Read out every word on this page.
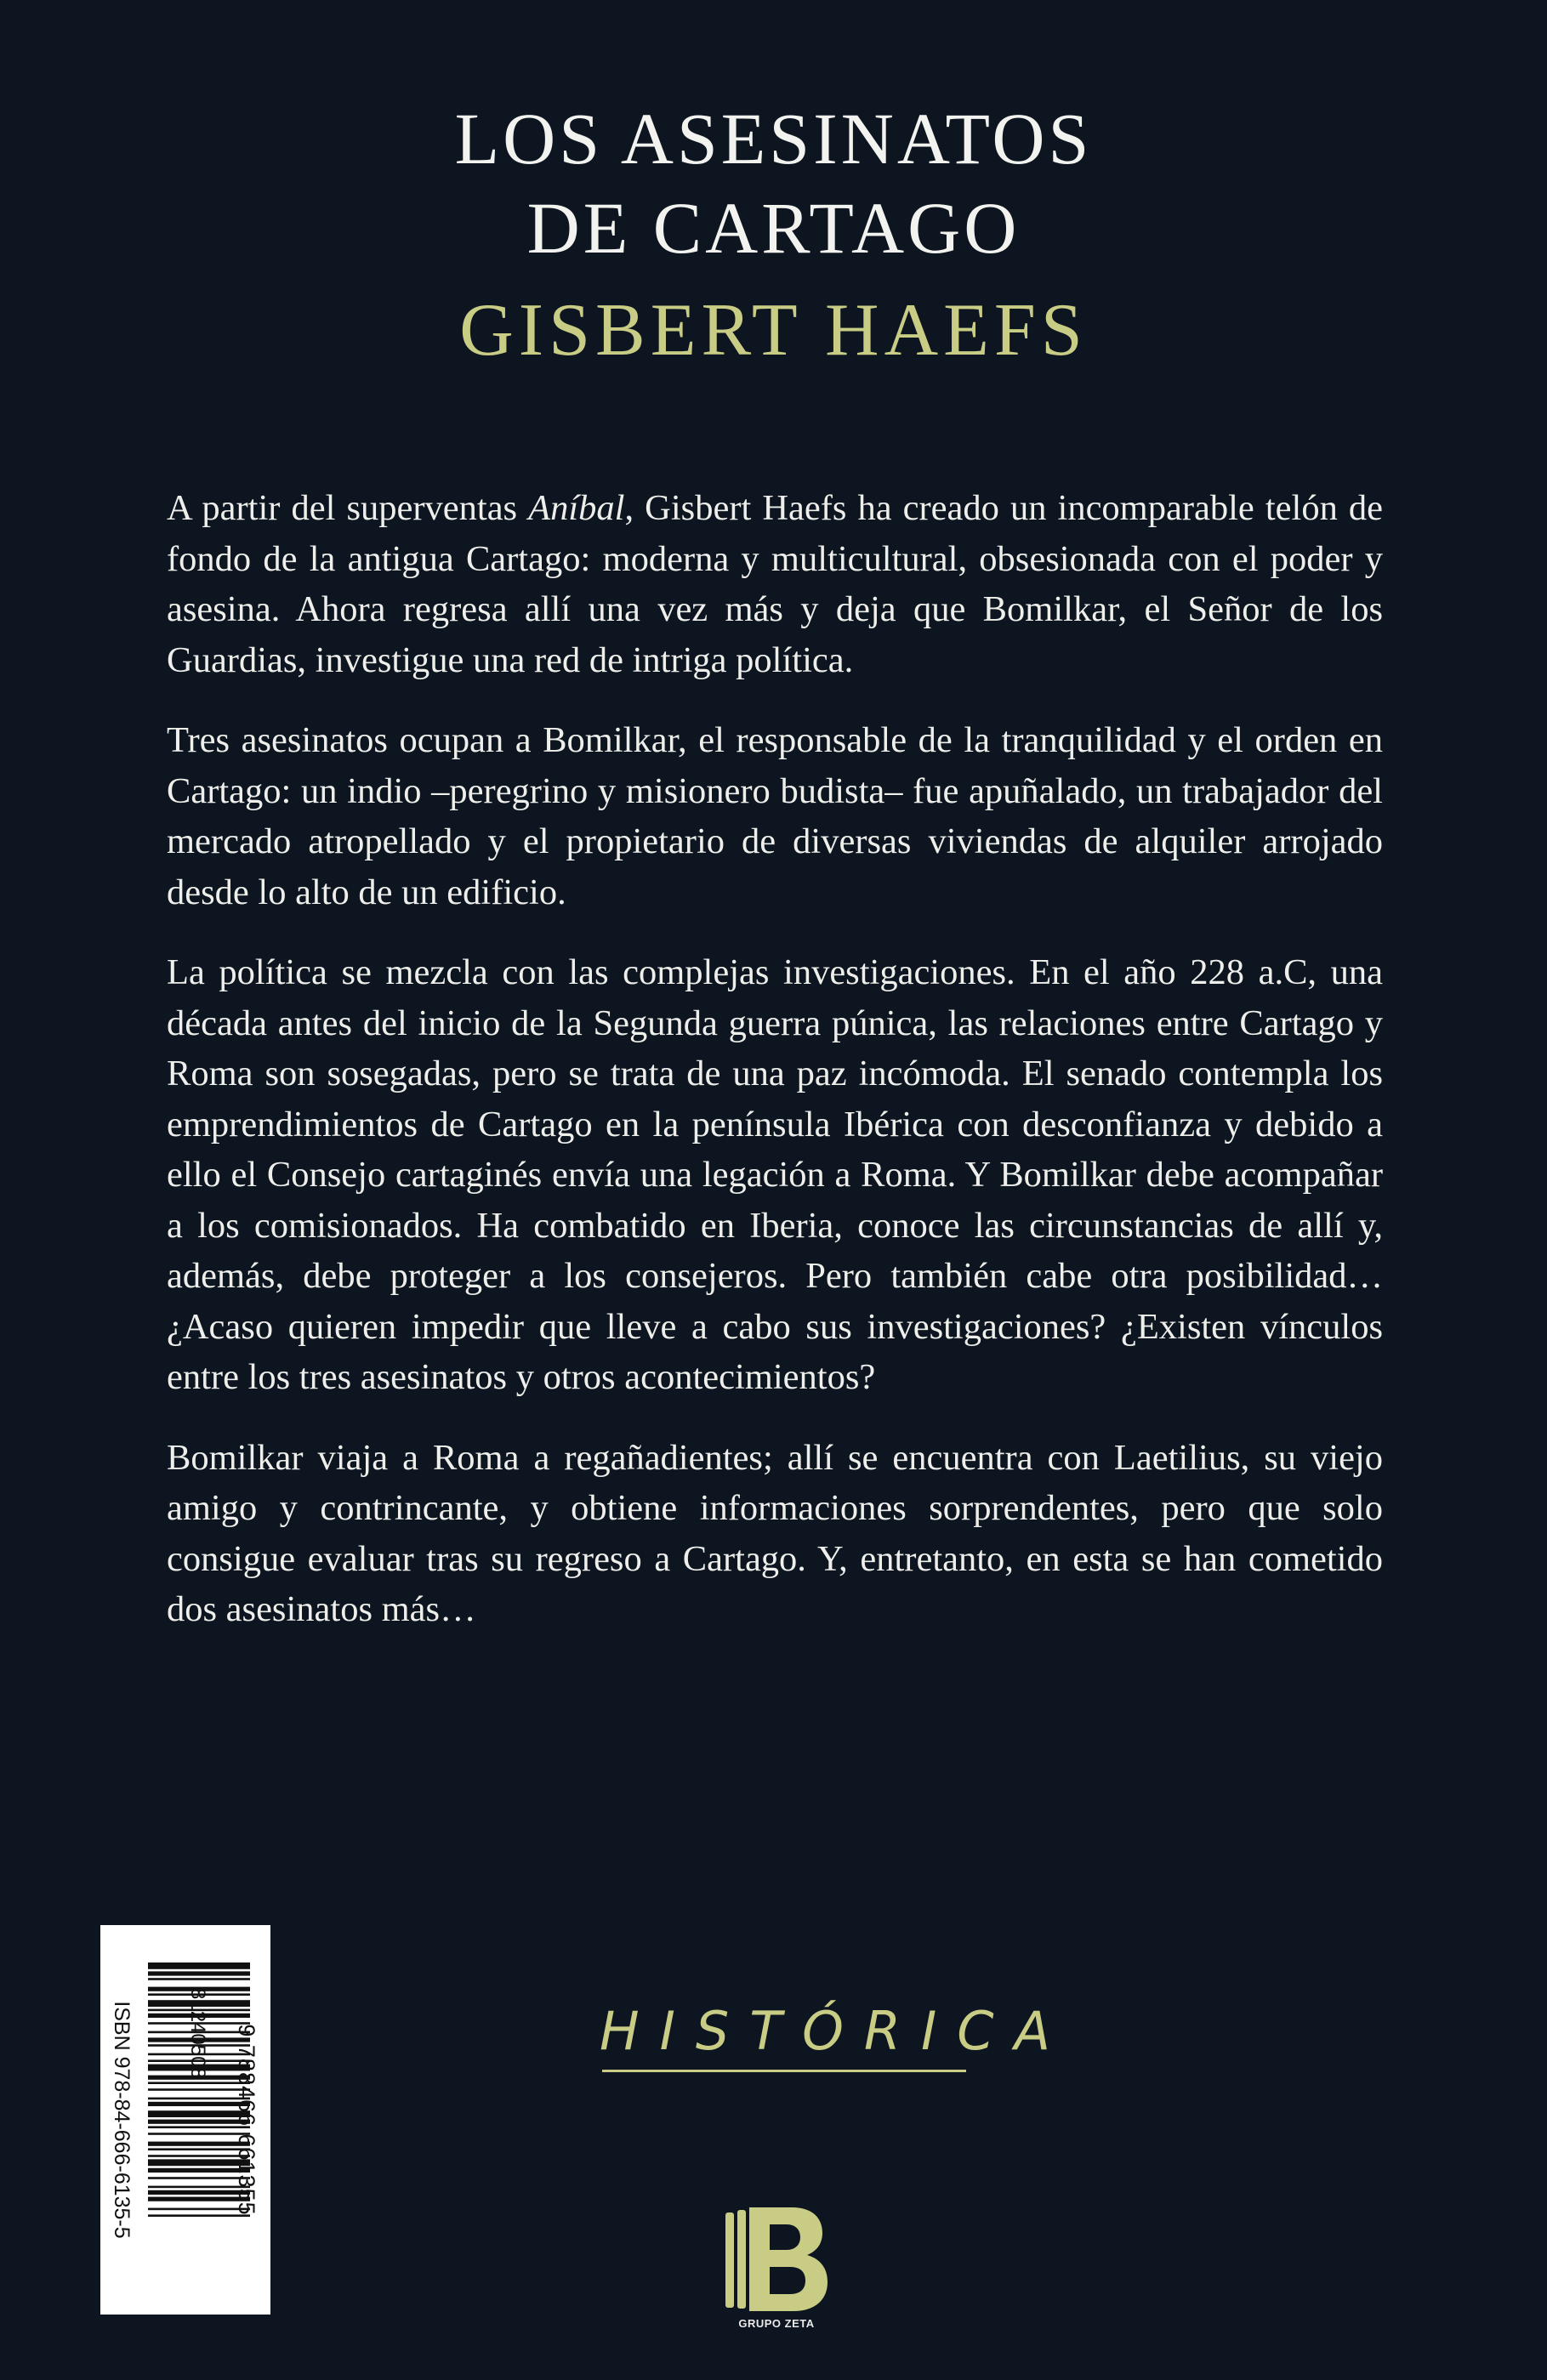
LOS ASESINATOS
DE CARTAGO
GISBERT HAEFS

A partir del superventas Aníbal, Gisbert Haefs ha creado un incomparable telón de fondo de la antigua Cartago: moderna y multicultural, obsesionada con el poder y asesina. Ahora regresa allí una vez más y deja que Bomilkar, el Señor de los Guardias, investigue una red de intriga política.

Tres asesinatos ocupan a Bomilkar, el responsable de la tranquilidad y el orden en Cartago: un indio –peregrino y misionero budista– fue apuñalado, un trabajador del mercado atropellado y el propietario de diversas viviendas de alquiler arrojado desde lo alto de un edificio.

La política se mezcla con las complejas investigaciones. En el año 228 a.C, una década antes del inicio de la Segunda guerra púnica, las relaciones entre Cartago y Roma son sosegadas, pero se trata de una paz incómoda. El senado contempla los emprendimientos de Cartago en la península Ibérica con desconfianza y debido a ello el Consejo cartaginés envía una legación a Roma. Y Bomilkar debe acompañar a los comisionados. Ha combatido en Iberia, conoce las circunstancias de allí y, además, debe proteger a los consejeros. Pero también cabe otra posibilidad… ¿Acaso quieren impedir que lleve a cabo sus investigaciones? ¿Existen vínculos entre los tres asesinatos y otros acontecimientos?

Bomilkar viaja a Roma a regañadientes; allí se encuentra con Laetilius, su viejo amigo y contrincante, y obtiene informaciones sorprendentes, pero que solo consigue evaluar tras su regreso a Cartago. Y, entretanto, en esta se han cometido dos asesinatos más…

ISBN 978-84-666-6135-5	9 788466 661355
81240508	HISTÓRICA
GRUPO ZETA
